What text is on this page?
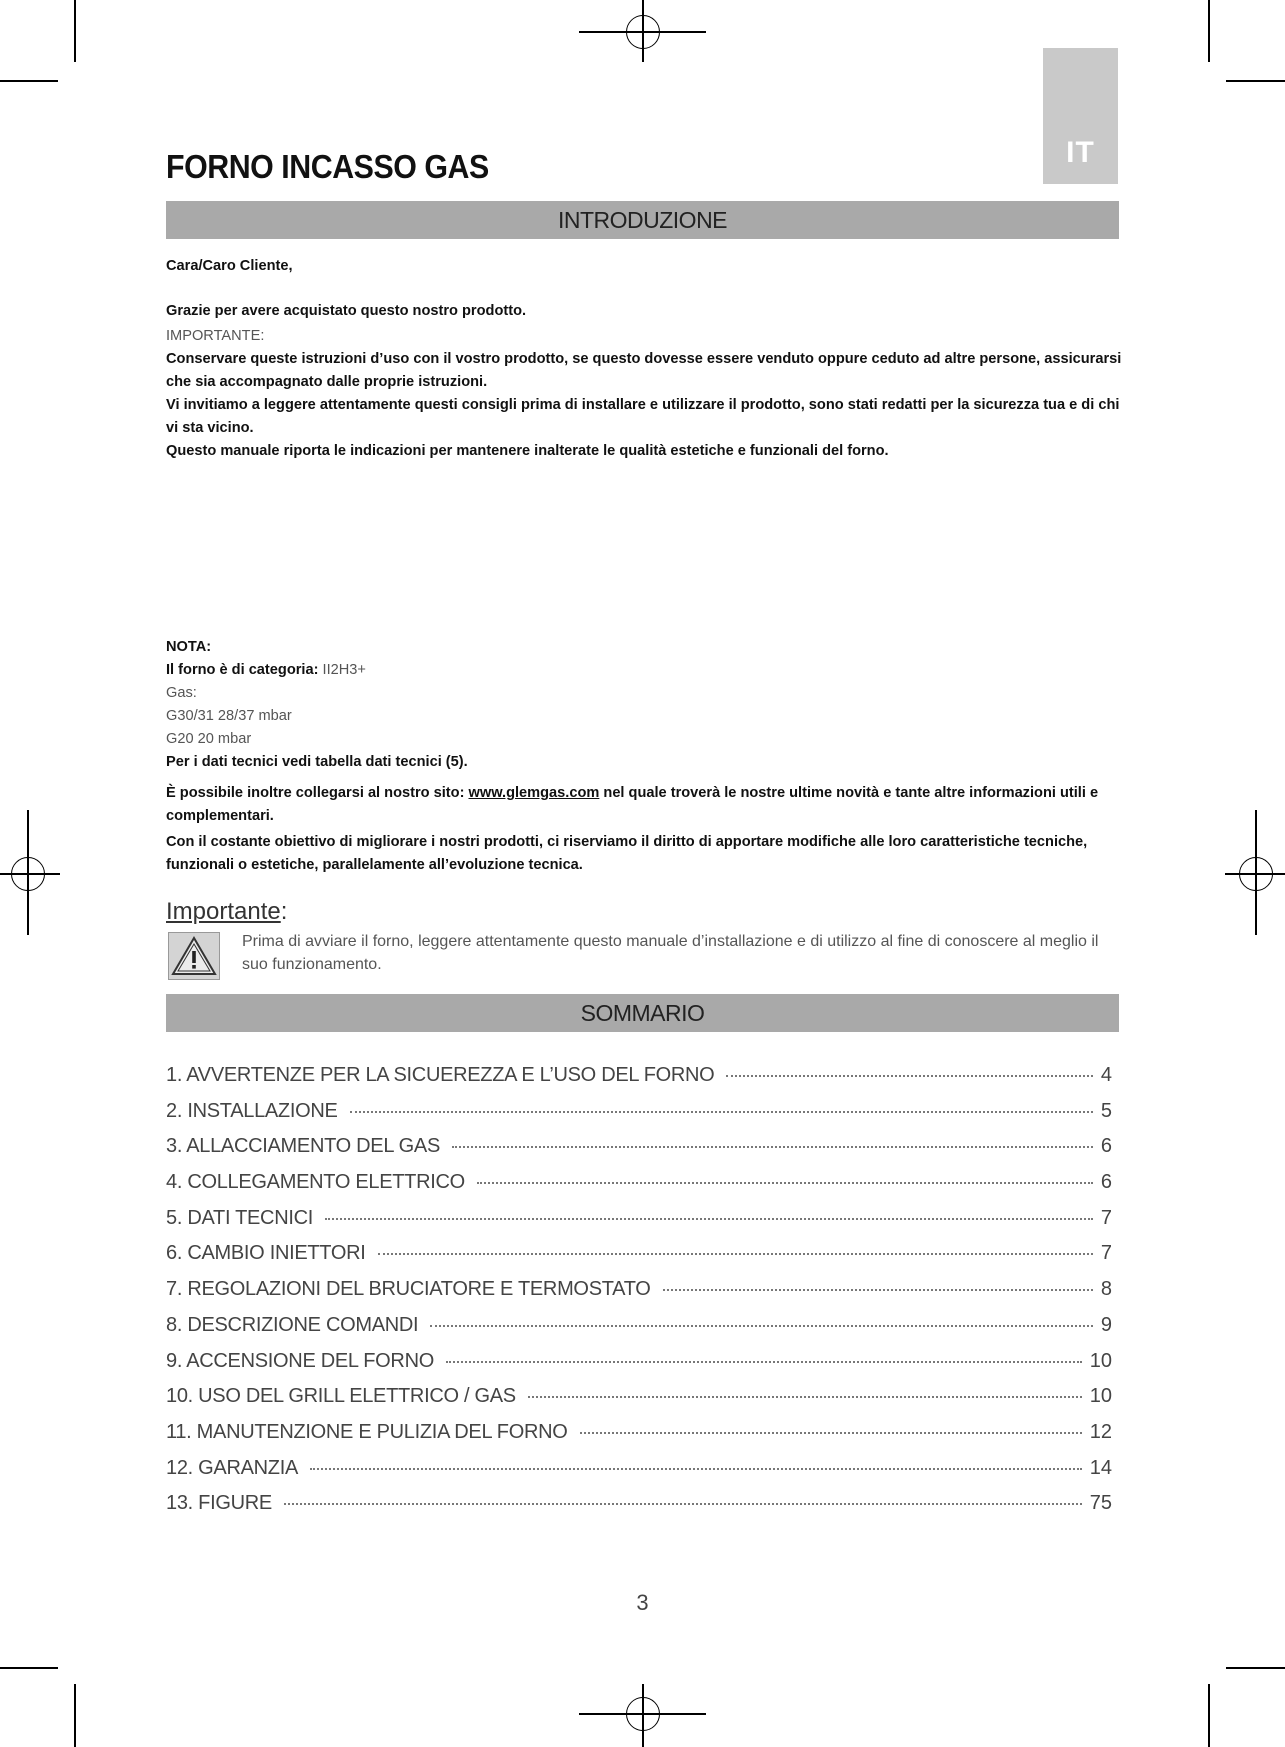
IT
FORNO INCASSO GAS
INTRODUZIONE
Cara/Caro Cliente,
Grazie per avere acquistato questo nostro prodotto.
IMPORTANTE:
Conservare queste istruzioni d’uso con il vostro prodotto, se questo dovesse essere venduto oppure ceduto ad altre persone, assicurarsi che sia accompagnato dalle proprie istruzioni.
Vi invitiamo a leggere attentamente questi consigli prima di installare e utilizzare il prodotto, sono stati redatti per la sicurezza tua e di chi vi sta vicino.
Questo manuale riporta le indicazioni per mantenere inalterate le qualità estetiche e funzionali del forno.
NOTA:
Il forno è di categoria: II2H3+
Gas:
G30/31 28/37 mbar
G20 20 mbar
Per i dati tecnici vedi tabella dati tecnici (5).
È possibile inoltre collegarsi al nostro sito: www.glemgas.com nel quale troverà le nostre ultime novità e tante altre informazioni utili e complementari.
Con il costante obiettivo di migliorare i nostri prodotti, ci riserviamo il diritto di apportare modifiche alle loro caratteristiche tecniche, funzionali o estetiche, parallelamente all’evoluzione tecnica.
Importante:
Prima di avviare il forno, leggere attentamente questo manuale d’installazione e di utilizzo al fine di conoscere al meglio il suo funzionamento.
SOMMARIO
1. AVVERTENZE PER LA SICUEREZZA E L’USO DEL FORNO	4
2. INSTALLAZIONE	5
3. ALLACCIAMENTO DEL GAS	6
4. COLLEGAMENTO ELETTRICO	6
5. DATI TECNICI	7
6. CAMBIO INIETTORI	7
7. REGOLAZIONI DEL BRUCIATORE E TERMOSTATO	8
8. DESCRIZIONE COMANDI	9
9. ACCENSIONE DEL FORNO	10
10. USO DEL GRILL ELETTRICO / GAS	10
11. MANUTENZIONE E PULIZIA DEL FORNO	12
12. GARANZIA	14
13. FIGURE	75
3
